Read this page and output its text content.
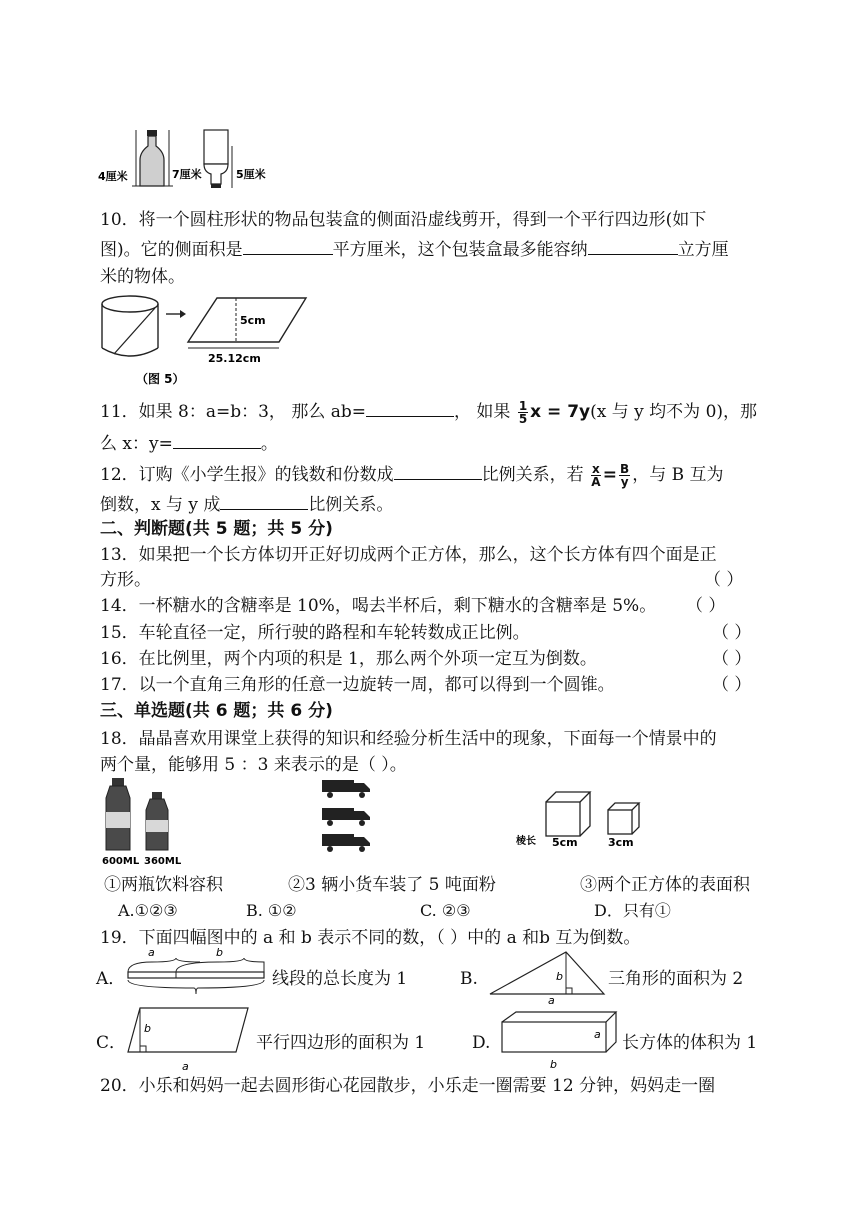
4厘米	7厘米	5厘米
10．将一个圆柱形状的物品包装盒的侧面沿虚线剪开，得到一个平行四边形(如下
图)。它的侧面积是	平方厘米，这个包装盒最多能容纳	立方厘
米的物体。
5cm
25.12cm
（图 5）
11．如果 8：a=b：3， 那么 ab=	， 如果 $\frac{1}{5}$ x = 7y(x 与 y 均不为 0)，那
么 x：y=	。
12．订购《小学生报》的钱数和份数成	比例关系，若 $\frac{x}{A} = \frac{B}{y}$ ，与 B 互为
倒数，x 与 y 成	比例关系。
二、判断题(共 5 题；共 5 分)
13．如果把一个长方体切开正好切成两个正方体，那么，这个长方体有四个面是正
方形。	（ ）
14．一杯糖水的含糖率是 10%，喝去半杯后，剩下糖水的含糖率是 5%。 （ ）
15．车轮直径一定，所行驶的路程和车轮转数成正比例。	（ ）
16．在比例里，两个内项的积是 1，那么两个外项一定互为倒数。	（ ）
17．以一个直角三角形的任意一边旋转一周，都可以得到一个圆锥。	（ ）
三、单选题(共 6 题；共 6 分)
18．晶晶喜欢用课堂上获得的知识和经验分析生活中的现象，下面每一个情景中的
两个量，能够用 5 ：3 来表示的是（ ）。
600ML 360ML
棱长 5cm	3cm
①两瓶饮料容积	②3 辆小货车装了 5 吨面粉	③两个正方体的表面积
A.①②③	B. ①②	C. ②③	D．只有①
19．下面四幅图中的 a 和 b 表示不同的数，（ ）中的 a 和b 互为倒数。
A．
a	b
线段的总长度为 1	B.	b
a
三角形的面积为 2
C．
b
a
平行四边形的面积为 1	D.	a
b
长方体的体积为 1
20．小乐和妈妈一起去圆形街心花园散步，小乐走一圈需要 12 分钟，妈妈走一圈
